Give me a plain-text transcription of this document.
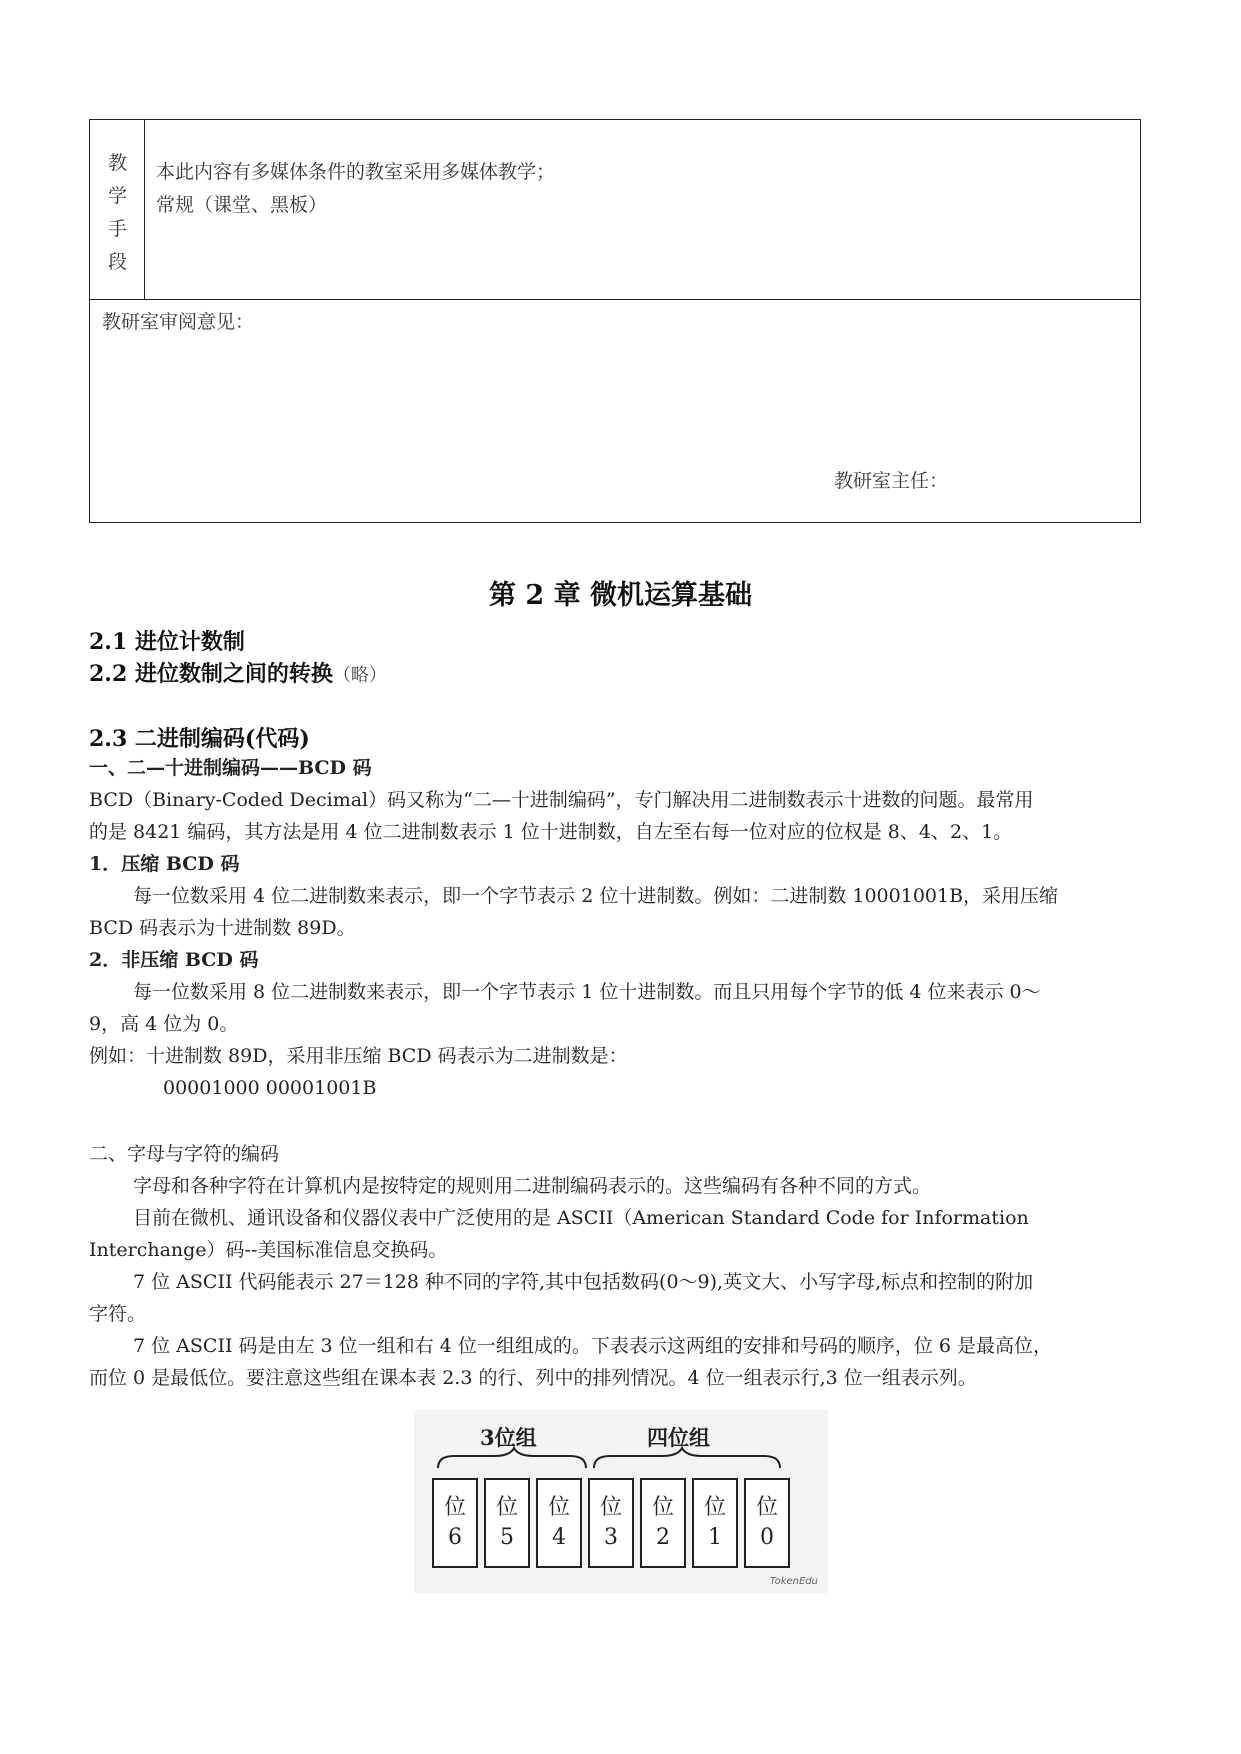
教
学
手
段
本此内容有多媒体条件的教室采用多媒体教学；
常规（课堂、黑板）
教研室审阅意见：
教研室主任：
第 2 章 微机运算基础
2.1 进位计数制
2.2 进位数制之间的转换（略）
2.3 二进制编码(代码)
一、二—十进制编码——BCD 码
BCD（Binary-Coded Decimal）码又称为“二—十进制编码”，专门解决用二进制数表示十进数的问题。最常用
的是 8421 编码，其方法是用 4 位二进制数表示 1 位十进制数，自左至右每一位对应的位权是 8、4、2、1。
1．压缩 BCD 码
每一位数采用 4 位二进制数来表示，即一个字节表示 2 位十进制数。例如：二进制数 10001001B，采用压缩
BCD 码表示为十进制数 89D。
2．非压缩 BCD 码
每一位数采用 8 位二进制数来表示，即一个字节表示 1 位十进制数。而且只用每个字节的低 4 位来表示 0～
9，高 4 位为 0。
例如：十进制数 89D，采用非压缩 BCD 码表示为二进制数是：
00001000 00001001B
二、字母与字符的编码
字母和各种字符在计算机内是按特定的规则用二进制编码表示的。这些编码有各种不同的方式。
目前在微机、通讯设备和仪器仪表中广泛使用的是 ASCII（American Standard Code for Information
Interchange）码--美国标准信息交换码。
7 位 ASCII 代码能表示 27＝128 种不同的字符,其中包括数码(0～9),英文大、小写字母,标点和控制的附加
字符。
7 位 ASCII 码是由左 3 位一组和右 4 位一组组成的。下表表示这两组的安排和号码的顺序，位 6 是最高位，
而位 0 是最低位。要注意这些组在课本表 2.3 的行、列中的排列情况。4 位一组表示行,3 位一组表示列。
3位组	四位组
位
6
位
5
位
4
位
3
位
2
位
1
位
0
TokenEdu
